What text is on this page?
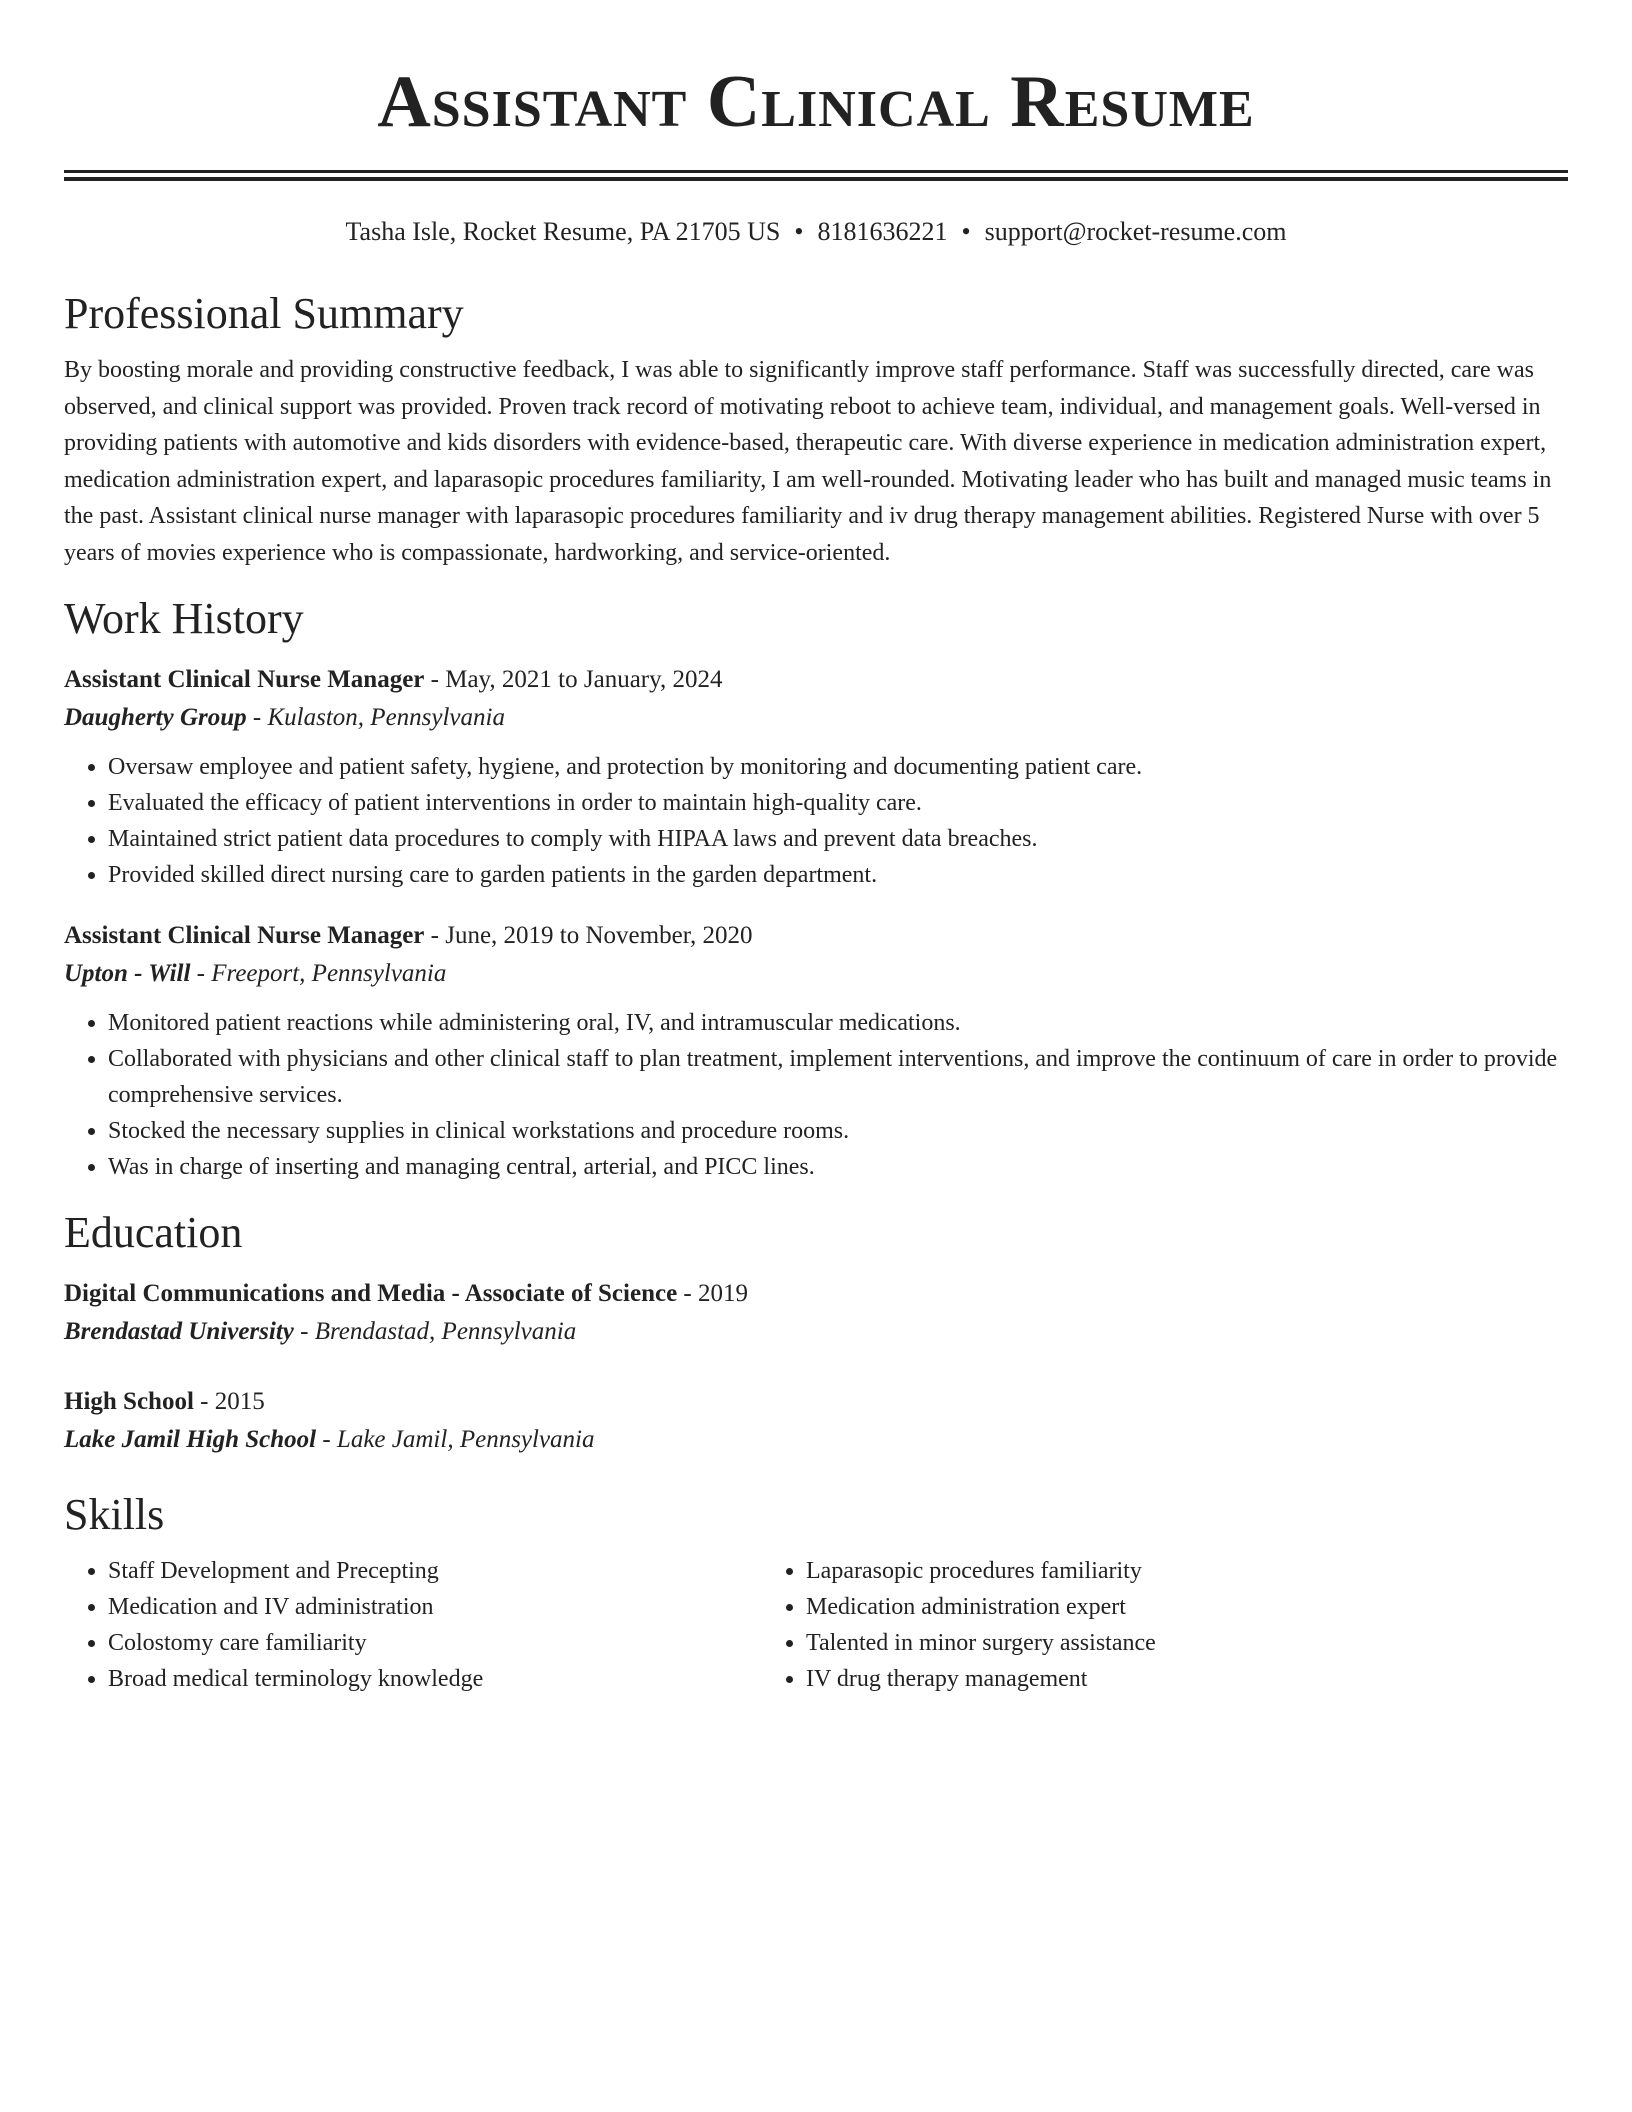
Assistant Clinical Resume
Tasha Isle, Rocket Resume, PA 21705 US • 8181636221 • support@rocket-resume.com
Professional Summary

By boosting morale and providing constructive feedback, I was able to significantly improve staff performance. Staff was successfully directed, care was observed, and clinical support was provided. Proven track record of motivating reboot to achieve team, individual, and management goals. Well-versed in providing patients with automotive and kids disorders with evidence-based, therapeutic care. With diverse experience in medication administration expert, medication administration expert, and laparasopic procedures familiarity, I am well-rounded. Motivating leader who has built and managed music teams in the past. Assistant clinical nurse manager with laparasopic procedures familiarity and iv drug therapy management abilities. Registered Nurse with over 5 years of movies experience who is compassionate, hardworking, and service-oriented.

Work History
Assistant Clinical Nurse Manager - May, 2021 to January, 2024
Daugherty Group - Kulaston, Pennsylvania
• Oversaw employee and patient safety, hygiene, and protection by monitoring and documenting patient care.
• Evaluated the efficacy of patient interventions in order to maintain high-quality care.
• Maintained strict patient data procedures to comply with HIPAA laws and prevent data breaches.
• Provided skilled direct nursing care to garden patients in the garden department.
Assistant Clinical Nurse Manager - June, 2019 to November, 2020
Upton - Will - Freeport, Pennsylvania
• Monitored patient reactions while administering oral, IV, and intramuscular medications.
• Collaborated with physicians and other clinical staff to plan treatment, implement interventions, and improve the continuum of care in order to provide comprehensive services.
• Stocked the necessary supplies in clinical workstations and procedure rooms.
• Was in charge of inserting and managing central, arterial, and PICC lines.
Education
Digital Communications and Media - Associate of Science - 2019
Brendastad University - Brendastad, Pennsylvania
High School - 2015
Lake Jamil High School - Lake Jamil, Pennsylvania
Skills
• Staff Development and Precepting
• Medication and IV administration
• Colostomy care familiarity
• Broad medical terminology knowledge
• Laparasopic procedures familiarity
• Medication administration expert
• Talented in minor surgery assistance
• IV drug therapy management
